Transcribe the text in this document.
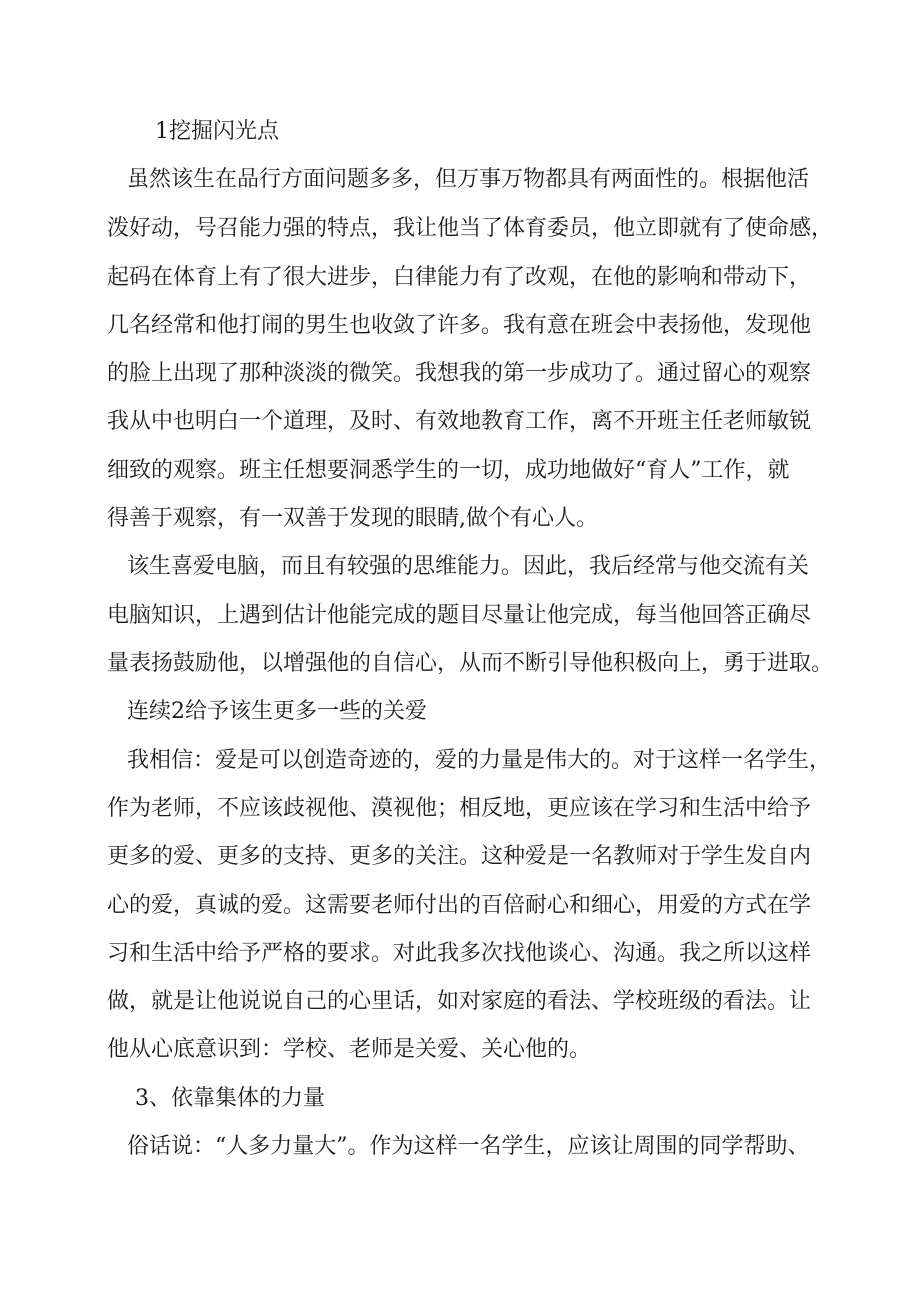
1挖掘闪光点
虽然该生在品行方面问题多多，但万事万物都具有两面性的。根据他活
泼好动，号召能力强的特点，我让他当了体育委员，他立即就有了使命感，
起码在体育上有了很大进步，白律能力有了改观，在他的影响和带动下，
几名经常和他打闹的男生也收敛了许多。我有意在班会中表扬他，发现他
的脸上出现了那种淡淡的微笑。我想我的第一步成功了。通过留心的观察
我从中也明白一个道理，及时、有效地教育工作，离不开班主任老师敏锐
细致的观察。班主任想要洞悉学生的一切，成功地做好“育人”工作，就
得善于观察，有一双善于发现的眼睛,做个有心人。
该生喜爱电脑，而且有较强的思维能力。因此，我后经常与他交流有关
电脑知识，上遇到估计他能完成的题目尽量让他完成，每当他回答正确尽
量表扬鼓励他，以增强他的自信心，从而不断引导他积极向上，勇于进取。
连续2给予该生更多一些的关爱
我相信：爱是可以创造奇迹的，爱的力量是伟大的。对于这样一名学生，
作为老师，不应该歧视他、漠视他；相反地，更应该在学习和生活中给予
更多的爱、更多的支持、更多的关注。这种爱是一名教师对于学生发自内
心的爱，真诚的爱。这需要老师付出的百倍耐心和细心，用爱的方式在学
习和生活中给予严格的要求。对此我多次找他谈心、沟通。我之所以这样
做，就是让他说说自己的心里话，如对家庭的看法、学校班级的看法。让
他从心底意识到：学校、老师是关爱、关心他的。
3、依靠集体的力量
俗话说：“人多力量大”。作为这样一名学生，应该让周围的同学帮助、
